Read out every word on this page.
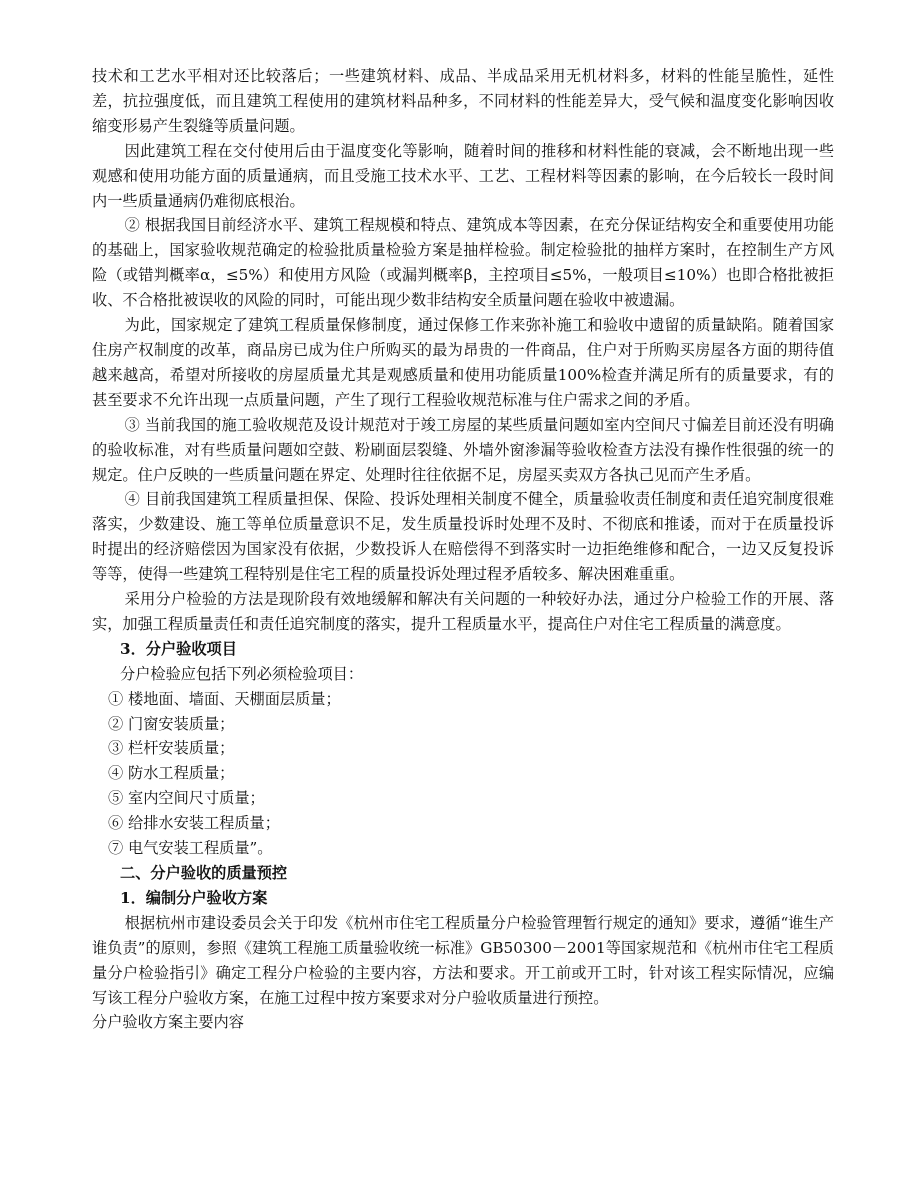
技术和工艺水平相对还比较落后；一些建筑材料、成品、半成品采用无机材料多，材料的性能呈脆性，延性差，抗拉强度低，而且建筑工程使用的建筑材料品种多，不同材料的性能差异大，受气候和温度变化影响因收缩变形易产生裂缝等质量问题。

因此建筑工程在交付使用后由于温度变化等影响，随着时间的推移和材料性能的衰减，会不断地出现一些观感和使用功能方面的质量通病，而且受施工技术水平、工艺、工程材料等因素的影响，在今后较长一段时间内一些质量通病仍难彻底根治。

② 根据我国目前经济水平、建筑工程规模和特点、建筑成本等因素，在充分保证结构安全和重要使用功能的基础上，国家验收规范确定的检验批质量检验方案是抽样检验。制定检验批的抽样方案时，在控制生产方风险（或错判概率α，≤5%）和使用方风险（或漏判概率β，主控项目≤5%，一般项目≤10%）也即合格批被拒收、不合格批被误收的风险的同时，可能出现少数非结构安全质量问题在验收中被遗漏。

为此，国家规定了建筑工程质量保修制度，通过保修工作来弥补施工和验收中遗留的质量缺陷。随着国家住房产权制度的改革，商品房已成为住户所购买的最为昂贵的一件商品，住户对于所购买房屋各方面的期待值越来越高，希望对所接收的房屋质量尤其是观感质量和使用功能质量100%检查并满足所有的质量要求，有的甚至要求不允许出现一点质量问题，产生了现行工程验收规范标准与住户需求之间的矛盾。

③ 当前我国的施工验收规范及设计规范对于竣工房屋的某些质量问题如室内空间尺寸偏差目前还没有明确的验收标准，对有些质量问题如空鼓、粉刷面层裂缝、外墙外窗渗漏等验收检查方法没有操作性很强的统一的规定。住户反映的一些质量问题在界定、处理时往往依据不足，房屋买卖双方各执己见而产生矛盾。

④ 目前我国建筑工程质量担保、保险、投诉处理相关制度不健全，质量验收责任制度和责任追究制度很难落实，少数建设、施工等单位质量意识不足，发生质量投诉时处理不及时、不彻底和推诿，而对于在质量投诉时提出的经济赔偿因为国家没有依据，少数投诉人在赔偿得不到落实时一边拒绝维修和配合，一边又反复投诉等等，使得一些建筑工程特别是住宅工程的质量投诉处理过程矛盾较多、解决困难重重。

采用分户检验的方法是现阶段有效地缓解和解决有关问题的一种较好办法，通过分户检验工作的开展、落实，加强工程质量责任和责任追究制度的落实，提升工程质量水平，提高住户对住宅工程质量的满意度。

3．分户验收项目

分户检验应包括下列必须检验项目：

① 楼地面、墙面、天棚面层质量；

② 门窗安装质量；

③ 栏杆安装质量；

④ 防水工程质量；

⑤ 室内空间尺寸质量；

⑥ 给排水安装工程质量；

⑦ 电气安装工程质量”。

二、分户验收的质量预控

1．编制分户验收方案

根据杭州市建设委员会关于印发《杭州市住宅工程质量分户检验管理暂行规定的通知》要求，遵循“谁生产谁负责”的原则，参照《建筑工程施工质量验收统一标准》GB50300－2001等国家规范和《杭州市住宅工程质量分户检验指引》确定工程分户检验的主要内容，方法和要求。开工前或开工时，针对该工程实际情况，应编写该工程分户验收方案，在施工过程中按方案要求对分户验收质量进行预控。

分户验收方案主要内容
